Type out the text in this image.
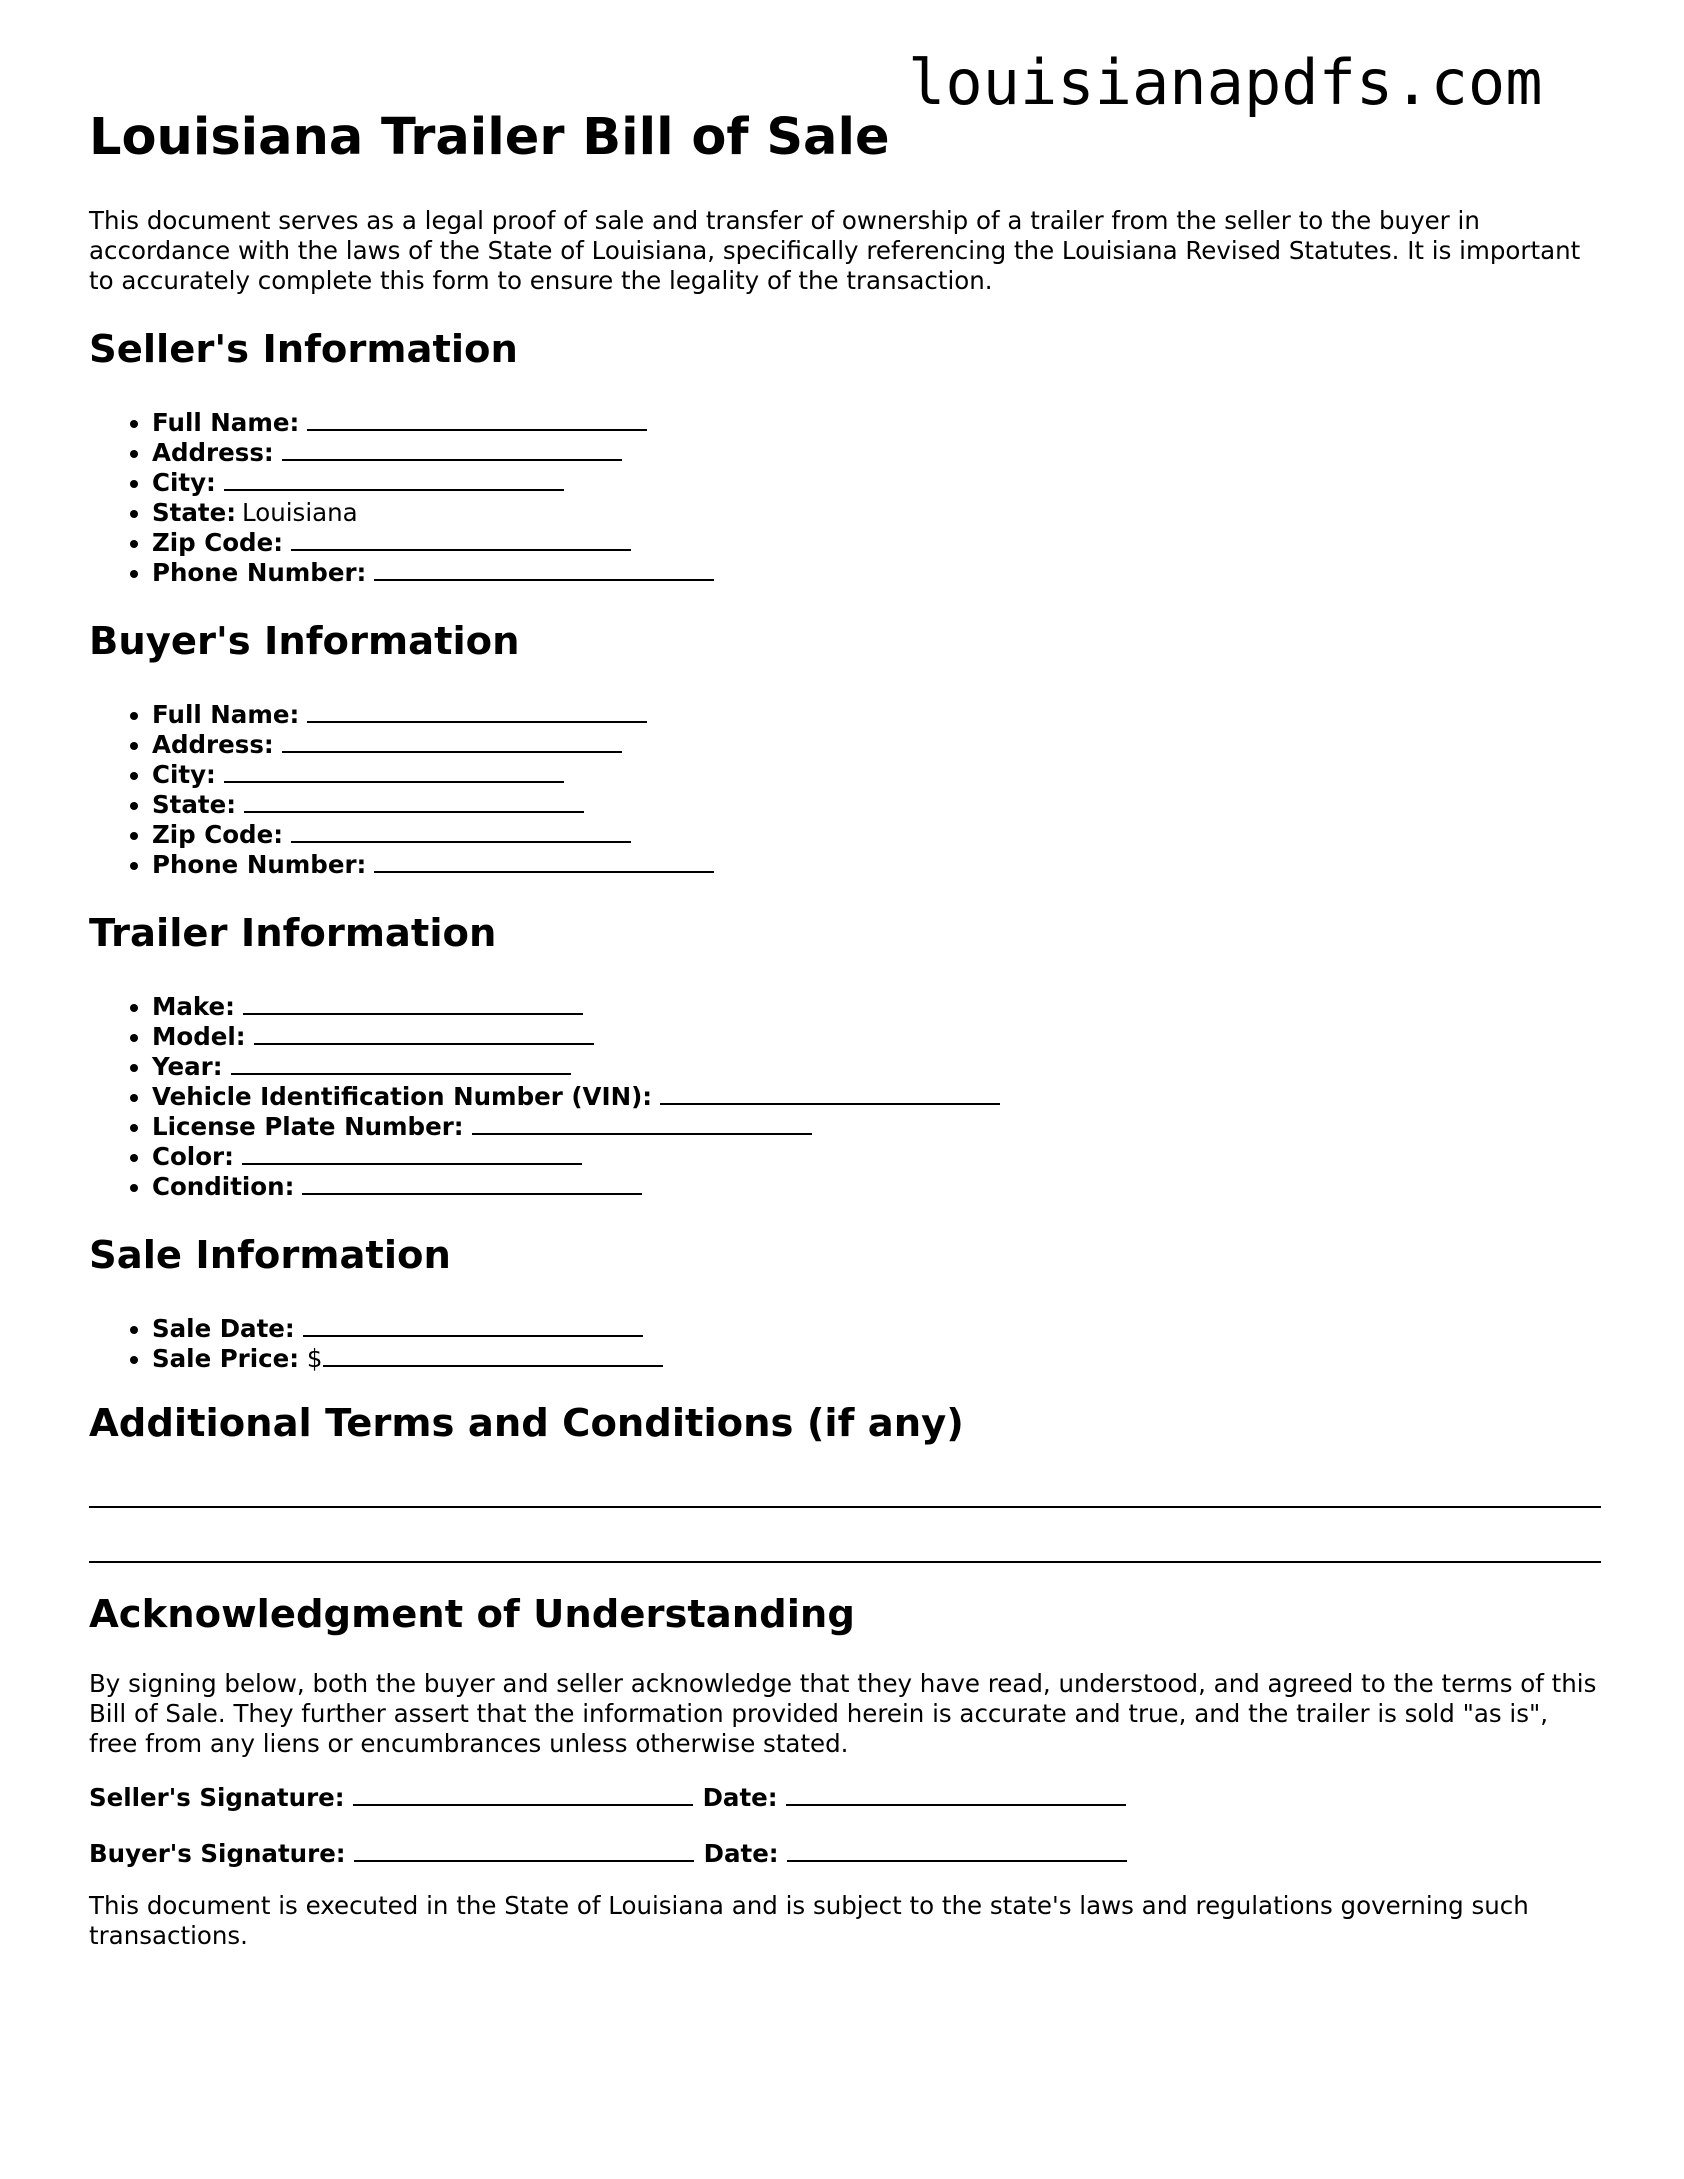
louisianapdfs.com
Louisiana Trailer Bill of Sale

This document serves as a legal proof of sale and transfer of ownership of a trailer from the seller to the buyer in accordance with the laws of the State of Louisiana, specifically referencing the Louisiana Revised Statutes. It is important to accurately complete this form to ensure the legality of the transaction.

Seller's Information
• Full Name:
• Address:
• City:
• State: Louisiana
• Zip Code:
• Phone Number:
Buyer's Information
• Full Name:
• Address:
• City:
• State:
• Zip Code:
• Phone Number:
Trailer Information
• Make:
• Model:
• Year:
• Vehicle Identification Number (VIN):
• License Plate Number:
• Color:
• Condition:
Sale Information
• Sale Date:
• Sale Price: $
Additional Terms and Conditions (if any)
Acknowledgment of Understanding

By signing below, both the buyer and seller acknowledge that they have read, understood, and agreed to the terms of this Bill of Sale. They further assert that the information provided herein is accurate and true, and the trailer is sold "as is", free from any liens or encumbrances unless otherwise stated.

Seller's Signature:	Date:
Buyer's Signature:	Date:

This document is executed in the State of Louisiana and is subject to the state's laws and regulations governing such transactions.
